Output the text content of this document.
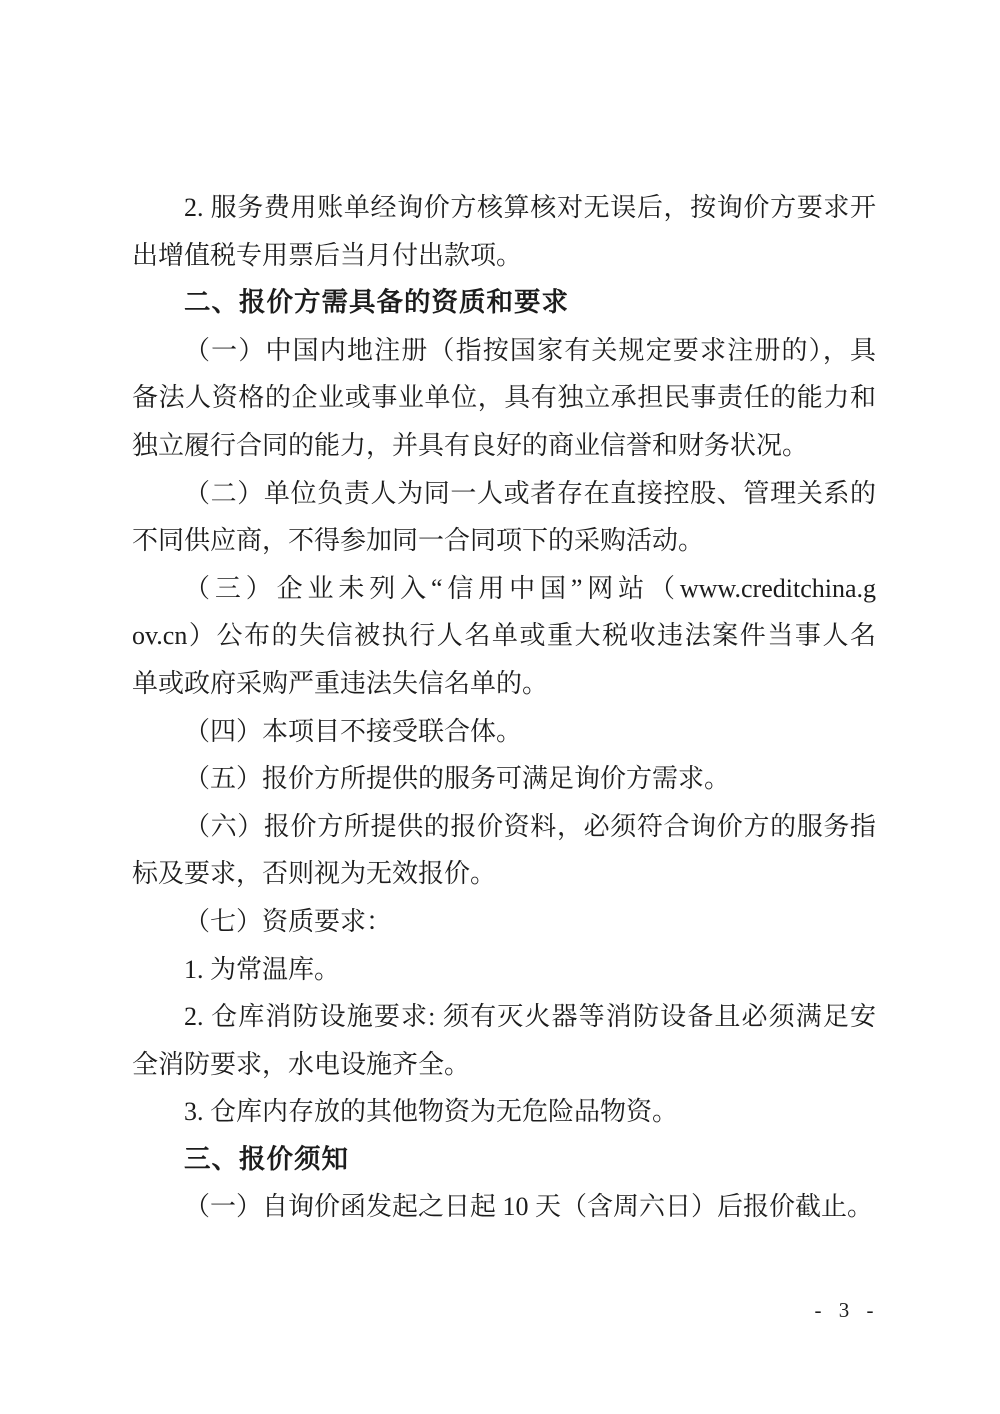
2. 服务费用账单经询价方核算核对无误后，按询价方要求开
出增值税专用票后当月付出款项。
二、报价方需具备的资质和要求
（一）中国内地注册（指按国家有关规定要求注册的），具
备法人资格的企业或事业单位，具有独立承担民事责任的能力和
独立履行合同的能力，并具有良好的商业信誉和财务状况。
（二）单位负责人为同一人或者存在直接控股、管理关系的
不同供应商，不得参加同一合同项下的采购活动。
（三）企业未列入“信用中国”网站（www.creditchina.g
ov.cn）公布的失信被执行人名单或重大税收违法案件当事人名
单或政府采购严重违法失信名单的。
（四）本项目不接受联合体。
（五）报价方所提供的服务可满足询价方需求。
（六）报价方所提供的报价资料，必须符合询价方的服务指
标及要求，否则视为无效报价。
（七）资质要求：
1. 为常温库。
2. 仓库消防设施要求: 须有灭火器等消防设备且必须满足安
全消防要求，水电设施齐全。
3. 仓库内存放的其他物资为无危险品物资。
三、报价须知
（一）自询价函发起之日起 10 天（含周六日）后报价截止。
- 3 -
